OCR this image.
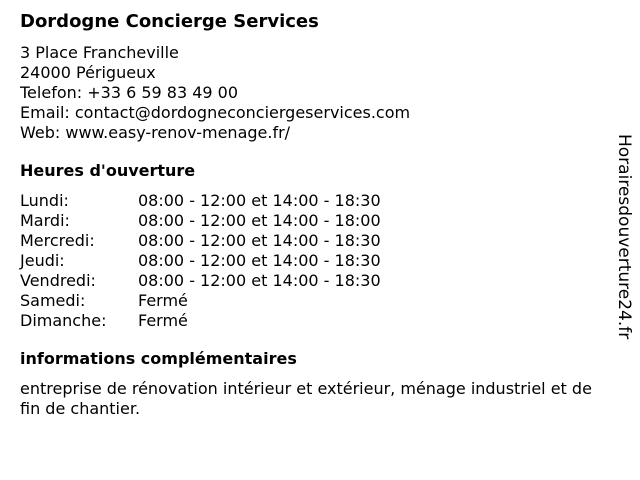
Dordogne Concierge Services

3 Place Francheville

24000 Périgueux

Telefon: +33 6 59 83 49 00

Email: contact@dordogneconciergeservices.com

Web: www.easy-renov-menage.fr/

Heures d'ouverture
Lundi:	08:00 - 12:00 et 14:00 - 18:30
Mardi:	08:00 - 12:00 et 14:00 - 18:00
Mercredi:	08:00 - 12:00 et 14:00 - 18:30
Jeudi:	08:00 - 12:00 et 14:00 - 18:30
Vendredi:	08:00 - 12:00 et 14:00 - 18:30
Samedi:	Fermé
Dimanche:	Fermé
informations complémentaires

entreprise de rénovation intérieur et extérieur, ménage industriel et de fin de chantier.

Horairesdouverture24.fr
